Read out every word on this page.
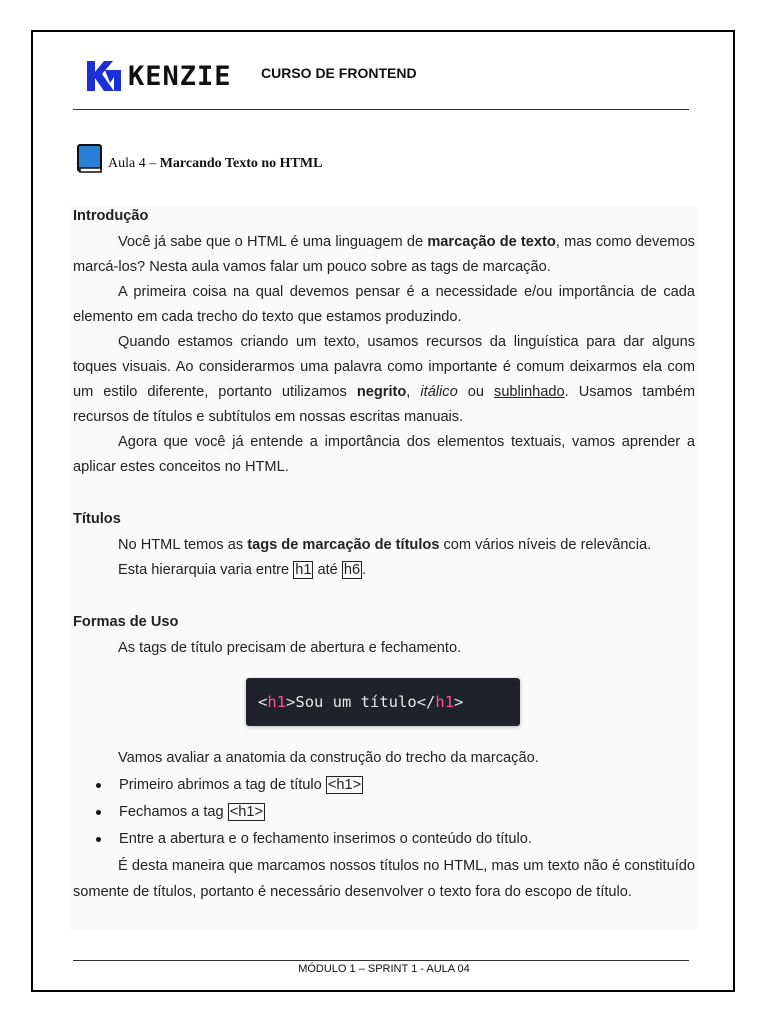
KENZIE CURSO DE FRONTEND
Aula 4 – Marcando Texto no HTML
Introdução

Você já sabe que o HTML é uma linguagem de marcação de texto, mas como devemos marcá-los? Nesta aula vamos falar um pouco sobre as tags de marcação.

A primeira coisa na qual devemos pensar é a necessidade e/ou importância de cada elemento em cada trecho do texto que estamos produzindo.

Quando estamos criando um texto, usamos recursos da linguística para dar alguns toques visuais. Ao considerarmos uma palavra como importante é comum deixarmos ela com um estilo diferente, portanto utilizamos negrito, itálico ou sublinhado. Usamos também recursos de títulos e subtítulos em nossas escritas manuais.

Agora que você já entende a importância dos elementos textuais, vamos aprender a aplicar estes conceitos no HTML.

Títulos

No HTML temos as tags de marcação de títulos com vários níveis de relevância.

Esta hierarquia varia entre h1 até h6 .

Formas de Uso

As tags de título precisam de abertura e fechamento.

< h1 > Sou um título </ h1 >

Vamos avaliar a anatomia da construção do trecho da marcação.

Primeiro abrimos a tag de título <h1>
Fechamos a tag <h1>
Entre a abertura e o fechamento inserimos o conteúdo do título.

É desta maneira que marcamos nossos títulos no HTML, mas um texto não é constituído somente de títulos, portanto é necessário desenvolver o texto fora do escopo de título.

MÓDULO 1 – SPRINT 1 - AULA 04
